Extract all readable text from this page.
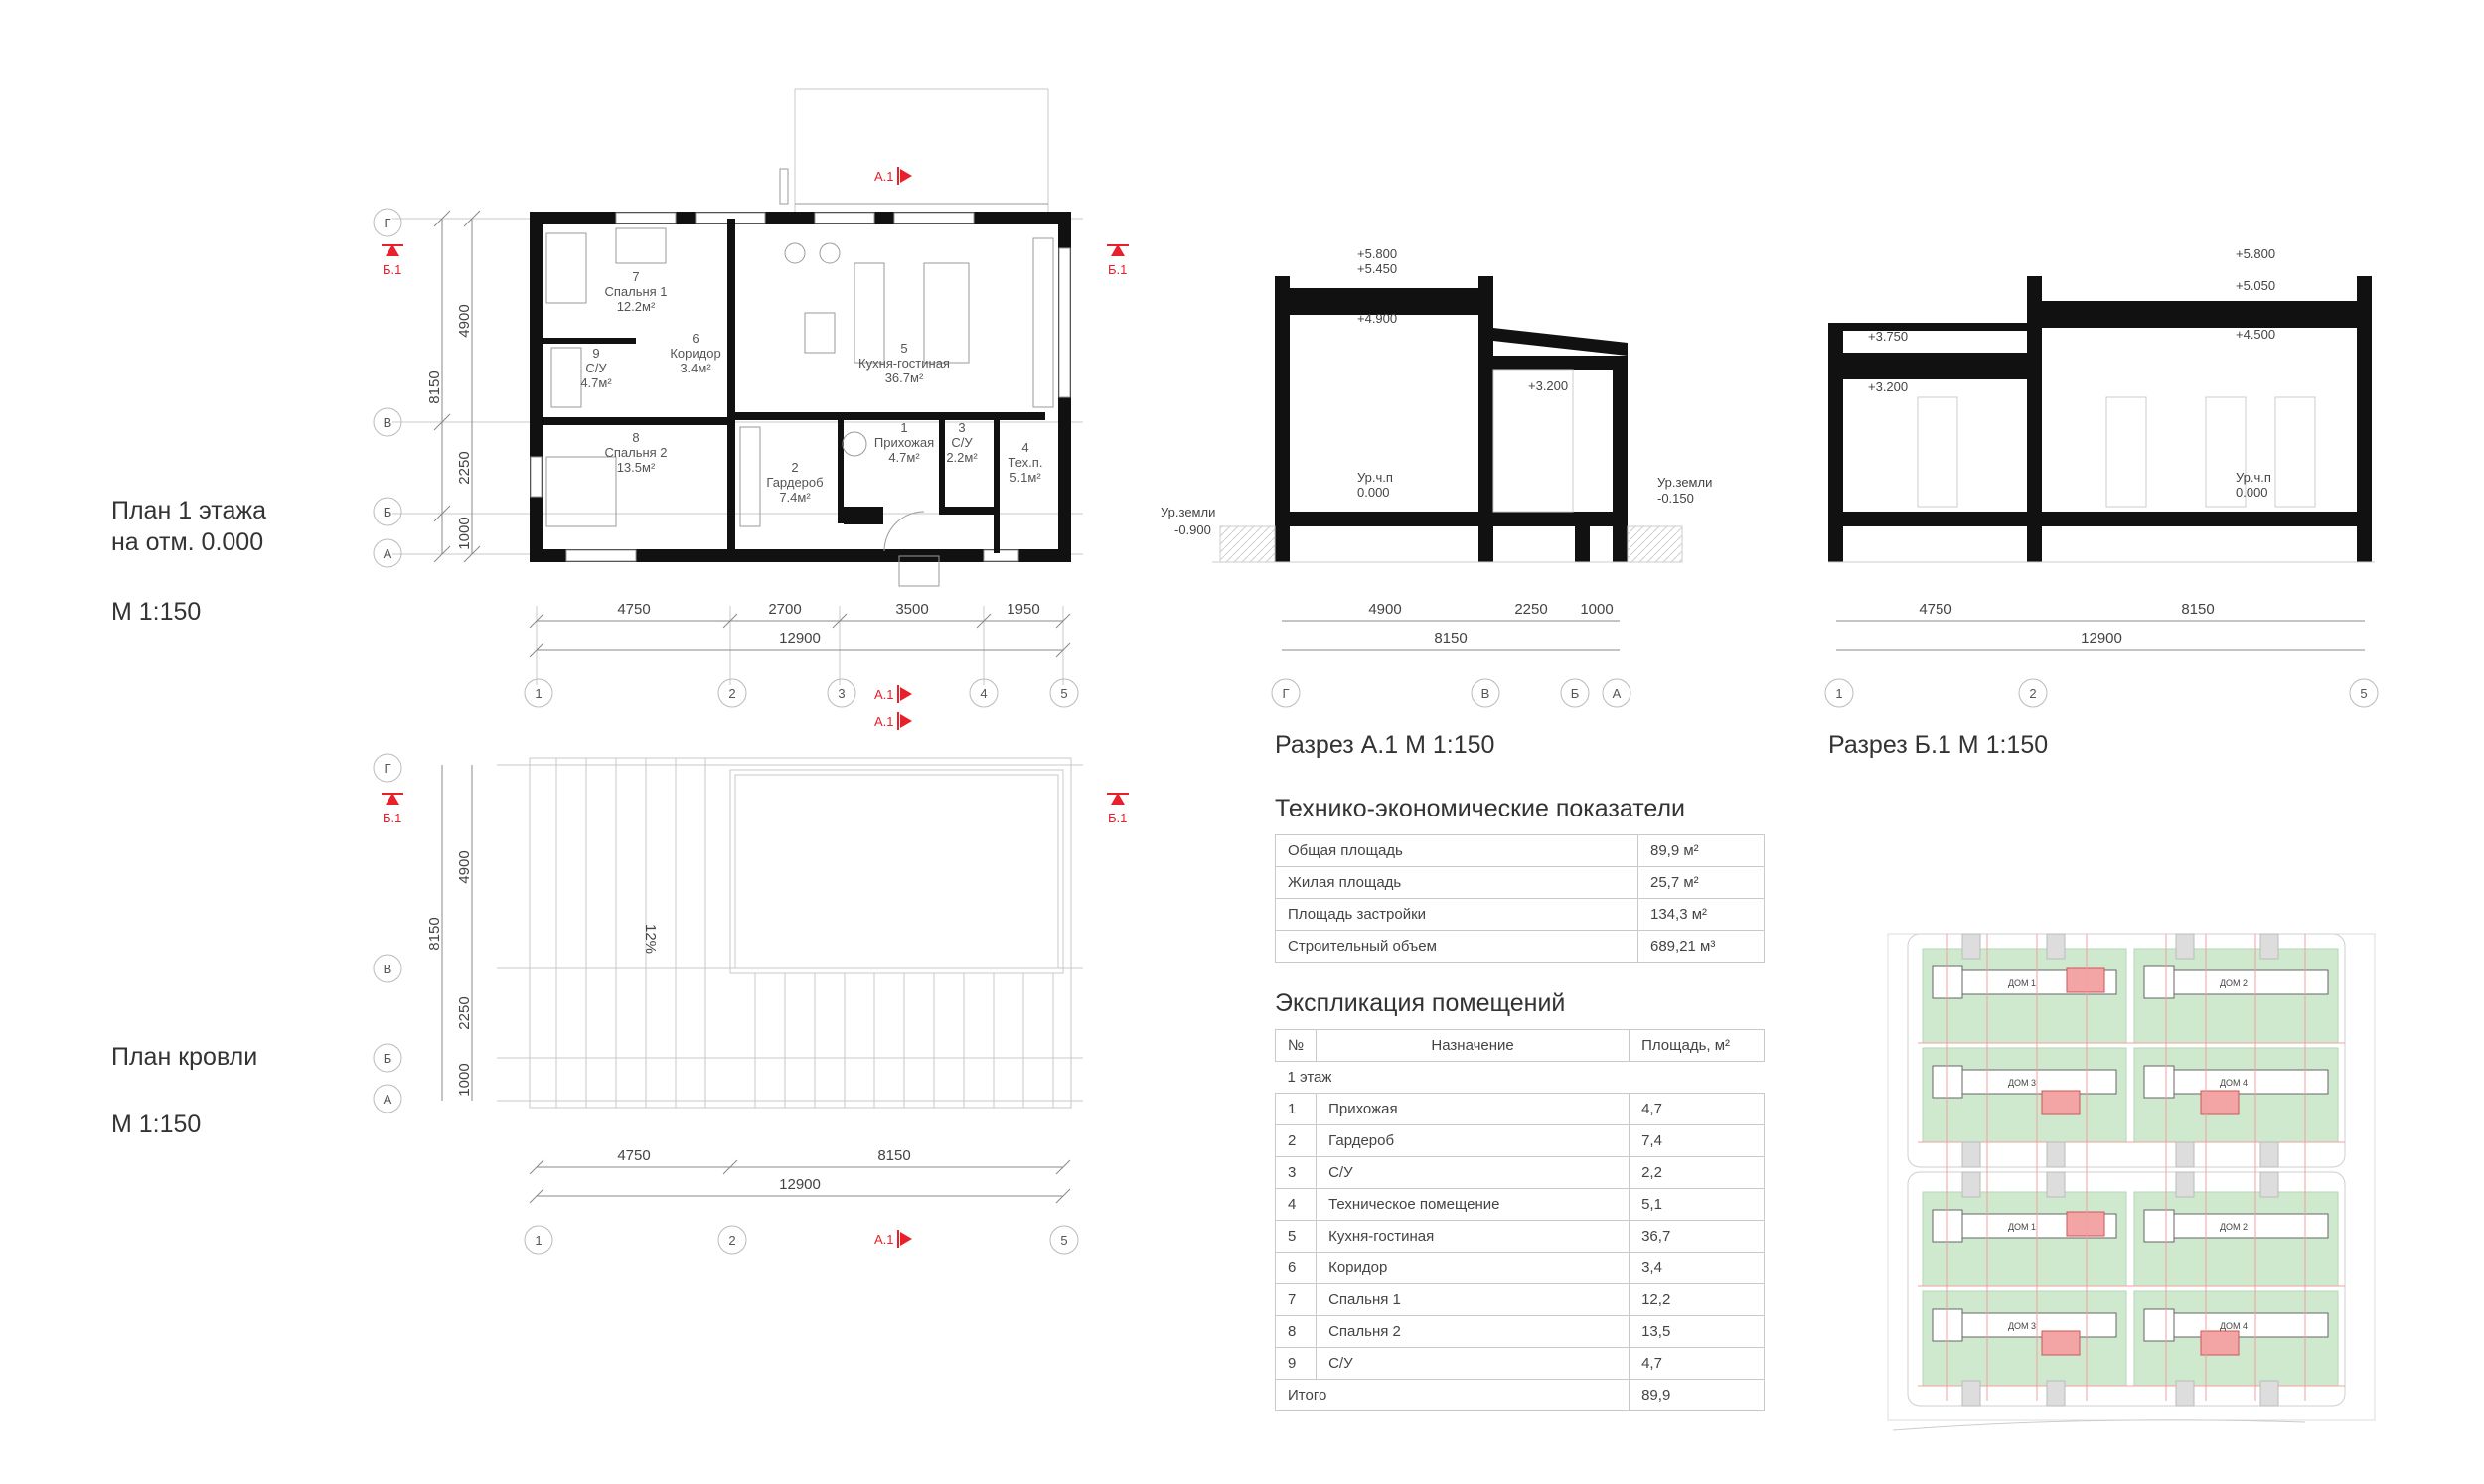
План 1 этажа
на отм. 0.000
М 1:150
План кровли
М 1:150
Разрез А.1 М 1:150	Разрез Б.1 М 1:150
Г
В
Б
А
4900
2250
1000
8150
4750	2700	3500	1950
12900
1	2	3	4	5
А.1
А.1
А.1
Б.1	Б.1
Б.1	Б.1
А.1
1
Прихожая
4.7м²
2
Гардероб
7.4м²
3
С/У
2.2м²
4
Тех.п.
5.1м²
5
Кухня-гостиная
36.7м²
6
Коридор
3.4м²
7
Спальня 1
12.2м²
8
Спальня 2
13.5м²
9
С/У
4.7м²
12%
Г
В
Б
А
4900
2250
1000
8150
4750	8150
12900
1	2	5
+5.800
+5.450
+4.900
+3.200
Ур.ч.п
0.000
Ур.земли
-0.900
Ур.земли
-0.150
4900	2250 1000
8150
Г	В	Б	А
+5.800
+5.050
+4.500
+3.750
+3.200
Ур.ч.п
0.000
4750	8150
12900
1	2	5
ДОМ 1	ДОМ 2
ДОМ 3	ДОМ 4
ДОМ 1	ДОМ 2
ДОМ 3	ДОМ 4
Технико-экономические показатели
Общая площадь	89,9 м²
Жилая площадь	25,7 м²
Площадь застройки	134,3 м²
Строительный объем	689,21 м³
Экспликация помещений
№	Назначение	Площадь, м²
1 этаж		
1	Прихожая	4,7
2	Гардероб	7,4
3	С/У	2,2
4	Техническое помещение	5,1
5	Кухня-гостиная	36,7
6	Коридор	3,4
7	Спальня 1	12,2
8	Спальня 2	13,5
9	С/У	4,7
Итого		89,9
